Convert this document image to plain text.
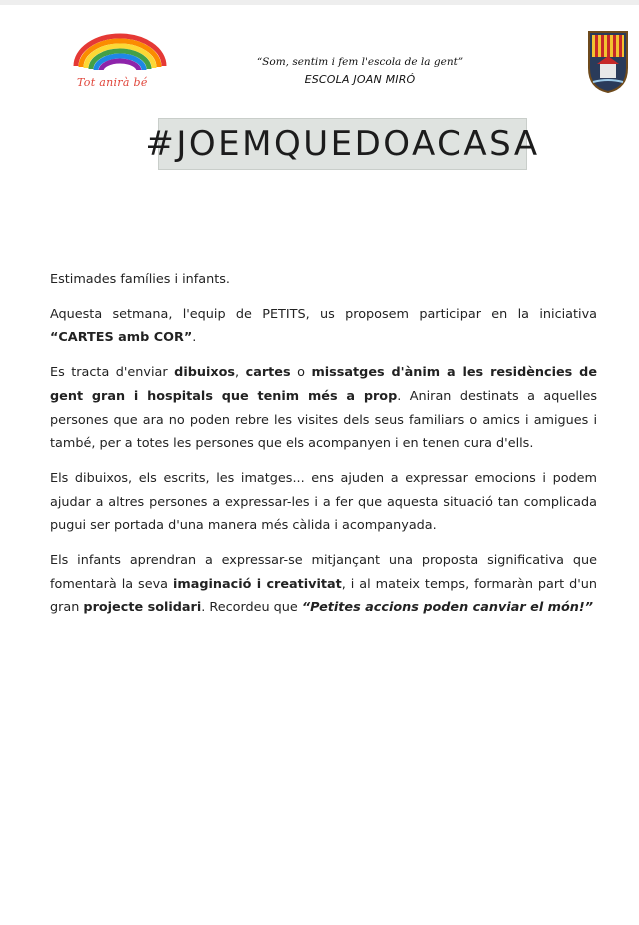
Tot anirà bé
“Som, sentim i fem l'escola de la gent”
ESCOLA JOAN MIRÓ
#JOEMQUEDOACASA

Estimades famílies i infants.

Aquesta setmana, l'equip de PETITS, us proposem participar en la iniciativa “CARTES amb COR”.

Es tracta d'enviar dibuixos, cartes o missatges d'ànim a les residències de gent gran i hospitals que tenim més a prop. Aniran destinats a aquelles persones que ara no poden rebre les visites dels seus familiars o amics i amigues i també, per a totes les persones que els acompanyen i en tenen cura d'ells.

Els dibuixos, els escrits, les imatges... ens ajuden a expressar emocions i podem ajudar a altres persones a expressar-les i a fer que aquesta situació tan complicada pugui ser portada d'una manera més càlida i acompanyada.

Els infants aprendran a expressar-se mitjançant una proposta significativa que fomentarà la seva imaginació i creativitat, i al mateix temps, formaràn part d'un gran projecte solidari. Recordeu que “Petites accions poden canviar el món!”
